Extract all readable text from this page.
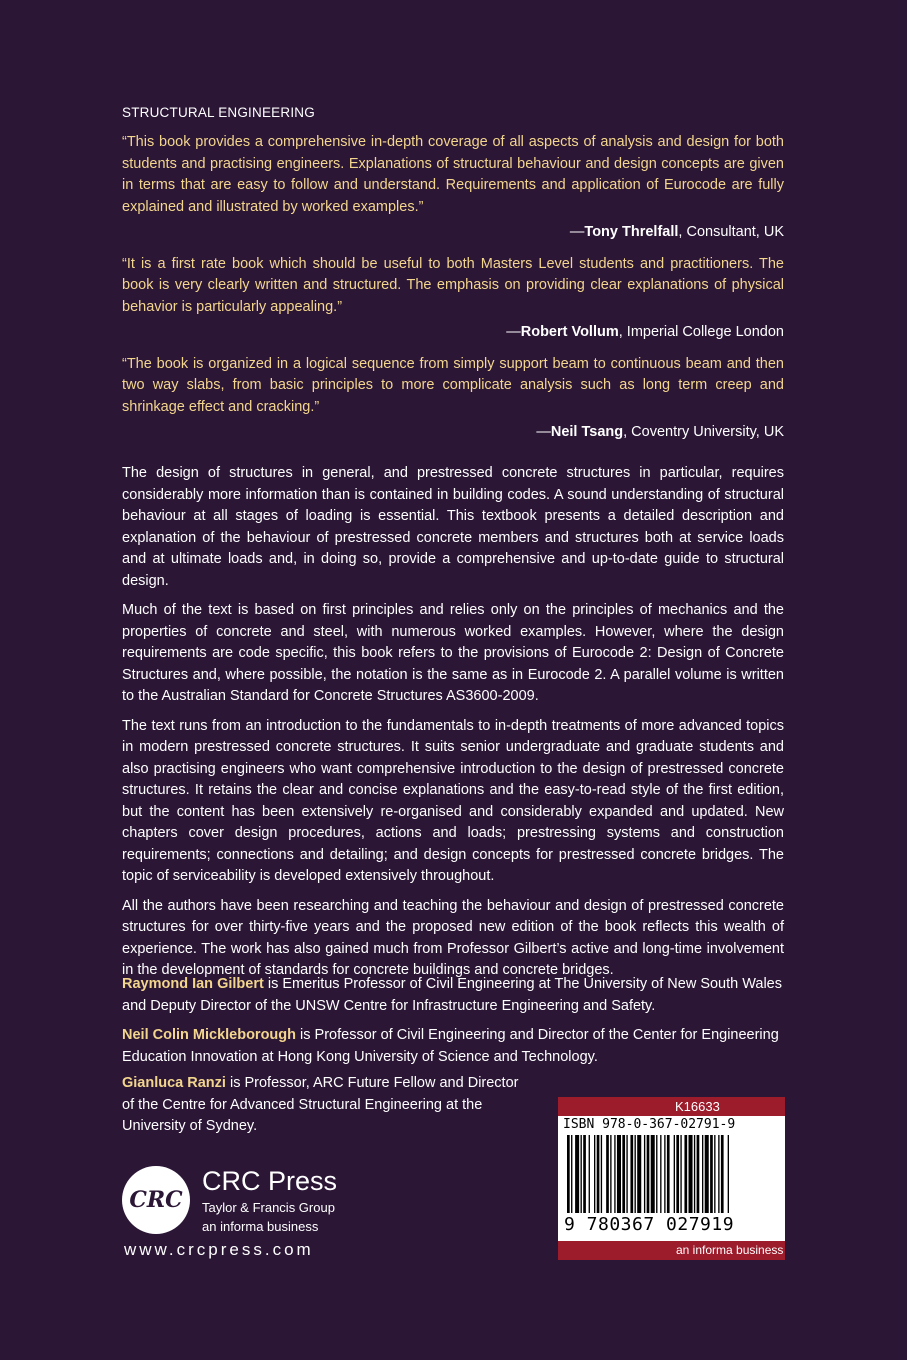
STRUCTURAL ENGINEERING

“This book provides a comprehensive in-depth coverage of all aspects of analysis and design for both students and practising engineers. Explanations of structural behaviour and design concepts are given in terms that are easy to follow and understand. Requirements and application of Eurocode are fully explained and illustrated by worked examples.”

—Tony Threlfall, Consultant, UK

“It is a first rate book which should be useful to both Masters Level students and practitioners. The book is very clearly written and structured. The emphasis on providing clear explanations of physical behavior is particularly appealing.”

—Robert Vollum, Imperial College London

“The book is organized in a logical sequence from simply support beam to continuous beam and then two way slabs, from basic principles to more complicate analysis such as long term creep and shrinkage effect and cracking.”

—Neil Tsang, Coventry University, UK

The design of structures in general, and prestressed concrete structures in particular, requires considerably more information than is contained in building codes. A sound understanding of structural behaviour at all stages of loading is essential. This textbook presents a detailed description and explanation of the behaviour of prestressed concrete members and structures both at service loads and at ultimate loads and, in doing so, provide a comprehensive and up-to-date guide to structural design.

Much of the text is based on first principles and relies only on the principles of mechanics and the properties of concrete and steel, with numerous worked examples. However, where the design requirements are code specific, this book refers to the provisions of Eurocode 2: Design of Concrete Structures and, where possible, the notation is the same as in Eurocode 2. A parallel volume is written to the Australian Standard for Concrete Structures AS3600-2009.

The text runs from an introduction to the fundamentals to in-depth treatments of more advanced topics in modern prestressed concrete structures. It suits senior undergraduate and graduate students and also practising engineers who want comprehensive introduction to the design of prestressed concrete structures. It retains the clear and concise explanations and the easy-to-read style of the first edition, but the content has been extensively re-organised and considerably expanded and updated. New chapters cover design procedures, actions and loads; prestressing systems and construction requirements; connections and detailing; and design concepts for prestressed concrete bridges. The topic of serviceability is developed extensively throughout.

All the authors have been researching and teaching the behaviour and design of prestressed concrete structures for over thirty-five years and the proposed new edition of the book reflects this wealth of experience. The work has also gained much from Professor Gilbert’s active and long-time involvement in the development of standards for concrete buildings and concrete bridges.

Raymond Ian Gilbert is Emeritus Professor of Civil Engineering at The University of New South Wales and Deputy Director of the UNSW Centre for Infrastructure Engineering and Safety.

Neil Colin Mickleborough is Professor of Civil Engineering and Director of the Center for Engineering Education Innovation at Hong Kong University of Science and Technology.

Gianluca Ranzi is Professor, ARC Future Fellow and Director of the Centre for Advanced Structural Engineering at the University of Sydney.

CRC
CRC Press
Taylor & Francis Group
an informa business
www.crcpress.com
K16633
ISBN 978-0-367-02791-9
9 780367 027919
an informa business
